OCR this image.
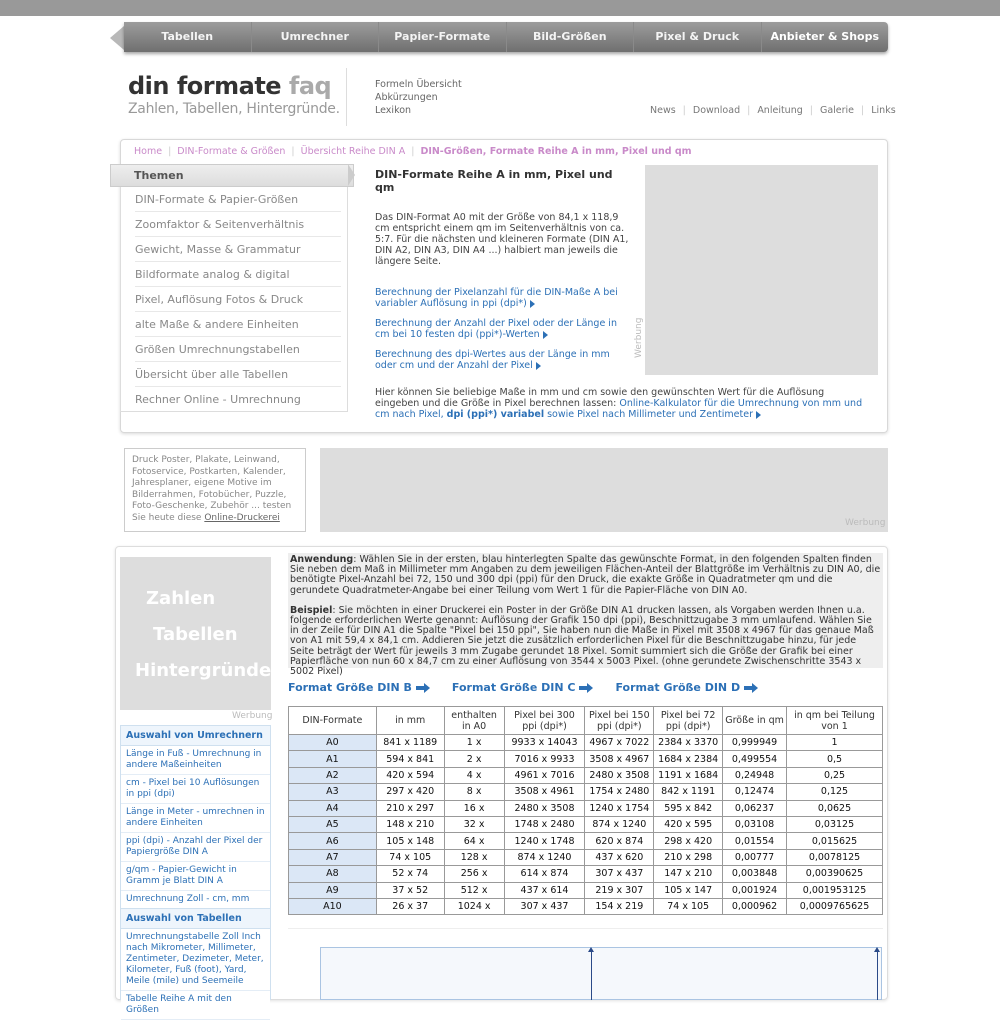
Tabellen	Umrechner	Papier-Formate	Bild-Größen	Pixel & Druck	Anbieter & Shops
din formate faq
Zahlen, Tabellen, Hintergründe.
Formeln Übersicht
Abkürzungen
Lexikon	News | Download | Anleitung | Galerie | Links
Home | DIN-Formate & Größen | Übersicht Reihe DIN A | DIN-Größen, Formate Reihe A in mm, Pixel und qm
Themen
DIN-Formate & Papier-Größen
Zoomfaktor & Seitenverhältnis
Gewicht, Masse & Grammatur
Bildformate analog & digital
Pixel, Auflösung Fotos & Druck
alte Maße & andere Einheiten
Größen Umrechnungstabellen
Übersicht über alle Tabellen
Rechner Online - Umrechnung
DIN-Formate Reihe A in mm, Pixel und qm
Das DIN-Format A0 mit der Größe von 84,1 x 118,9 cm entspricht einem qm im Seitenverhältnis von ca. 5:7. Für die nächsten und kleineren Formate (DIN A1, DIN A2, DIN A3, DIN A4 ...) halbiert man jeweils die längere Seite.
Berechnung der Pixelanzahl für die DIN-Maße A bei variabler Auflösung in ppi (dpi*)
Berechnung der Anzahl der Pixel oder der Länge in cm bei 10 festen dpi (ppi*)-Werten
Berechnung des dpi-Wertes aus der Länge in mm oder cm und der Anzahl der Pixel
Werbung
Hier können Sie beliebige Maße in mm und cm sowie den gewünschten Wert für die Auflösung eingeben und die Größe in Pixel berechnen lassen: Online-Kalkulator für die Umrechnung von mm und cm nach Pixel, dpi (ppi*) variabel sowie Pixel nach Millimeter und Zentimeter
Druck Poster, Plakate, Leinwand, Fotoservice, Postkarten, Kalender, Jahresplaner, eigene Motive im Bilderrahmen, Fotobücher, Puzzle, Foto-Geschenke, Zubehör ... testen Sie heute diese Online-Druckerei
Werbung
Zahlen
Tabellen
Hintergründe
Werbung
Auswahl von Umrechnern
Länge in Fuß - Umrechnung in andere Maßeinheiten
cm - Pixel bei 10 Auflösungen in ppi (dpi)
Länge in Meter - umrechnen in andere Einheiten
ppi (dpi) - Anzahl der Pixel der Papiergröße DIN A
g/qm - Papier-Gewicht in Gramm je Blatt DIN A
Umrechnung Zoll - cm, mm
Auswahl von Tabellen
Umrechnungstabelle Zoll Inch nach Mikrometer, Millimeter, Zentimeter, Dezimeter, Meter, Kilometer, Fuß (foot), Yard, Meile (mile) und Seemeile
Tabelle Reihe A mit den Größen

Anwendung: Wählen Sie in der ersten, blau hinterlegten Spalte das gewünschte Format, in den folgenden Spalten finden Sie neben dem Maß in Millimeter mm Angaben zu dem jeweiligen Flächen-Anteil der Blattgröße im Verhältnis zu DIN A0, die benötigte Pixel-Anzahl bei 72, 150 und 300 dpi (ppi) für den Druck, die exakte Größe in Quadratmeter qm und die gerundete Quadratmeter-Angabe bei einer Teilung vom Wert 1 für die Papier-Fläche von DIN A0.

Beispiel: Sie möchten in einer Druckerei ein Poster in der Größe DIN A1 drucken lassen, als Vorgaben werden Ihnen u.a. folgende erforderlichen Werte genannt: Auflösung der Grafik 150 dpi (ppi), Beschnittzugabe 3 mm umlaufend. Wählen Sie in der Zeile für DIN A1 die Spalte "Pixel bei 150 ppi", Sie haben nun die Maße in Pixel mit 3508 x 4967 für das genaue Maß von A1 mit 59,4 x 84,1 cm. Addieren Sie jetzt die zusätzlich erforderlichen Pixel für die Beschnittzugabe hinzu, für jede Seite beträgt der Wert für jeweils 3 mm Zugabe gerundet 18 Pixel. Somit summiert sich die Größe der Grafik bei einer Papierfläche von nun 60 x 84,7 cm zu einer Auflösung von 3544 x 5003 Pixel. (ohne gerundete Zwischenschritte 3543 x 5002 Pixel)

Format Größe DIN B	Format Größe DIN C	Format Größe DIN D
DIN-Formate	in mm	enthalten in A0	Pixel bei 300 ppi (dpi*)	Pixel bei 150 ppi (dpi*)	Pixel bei 72 ppi (dpi*)	Größe in qm	in qm bei Teilung von 1
A0	841 x 1189	1 x	9933 x 14043	4967 x 7022	2384 x 3370	0,999949	1
A1	594 x 841	2 x	7016 x 9933	3508 x 4967	1684 x 2384	0,499554	0,5
A2	420 x 594	4 x	4961 x 7016	2480 x 3508	1191 x 1684	0,24948	0,25
A3	297 x 420	8 x	3508 x 4961	1754 x 2480	842 x 1191	0,12474	0,125
A4	210 x 297	16 x	2480 x 3508	1240 x 1754	595 x 842	0,06237	0,0625
A5	148 x 210	32 x	1748 x 2480	874 x 1240	420 x 595	0,03108	0,03125
A6	105 x 148	64 x	1240 x 1748	620 x 874	298 x 420	0,01554	0,015625
A7	74 x 105	128 x	874 x 1240	437 x 620	210 x 298	0,00777	0,0078125
A8	52 x 74	256 x	614 x 874	307 x 437	147 x 210	0,003848	0,00390625
A9	37 x 52	512 x	437 x 614	219 x 307	105 x 147	0,001924	0,001953125
A10	26 x 37	1024 x	307 x 437	154 x 219	74 x 105	0,000962	0,0009765625
